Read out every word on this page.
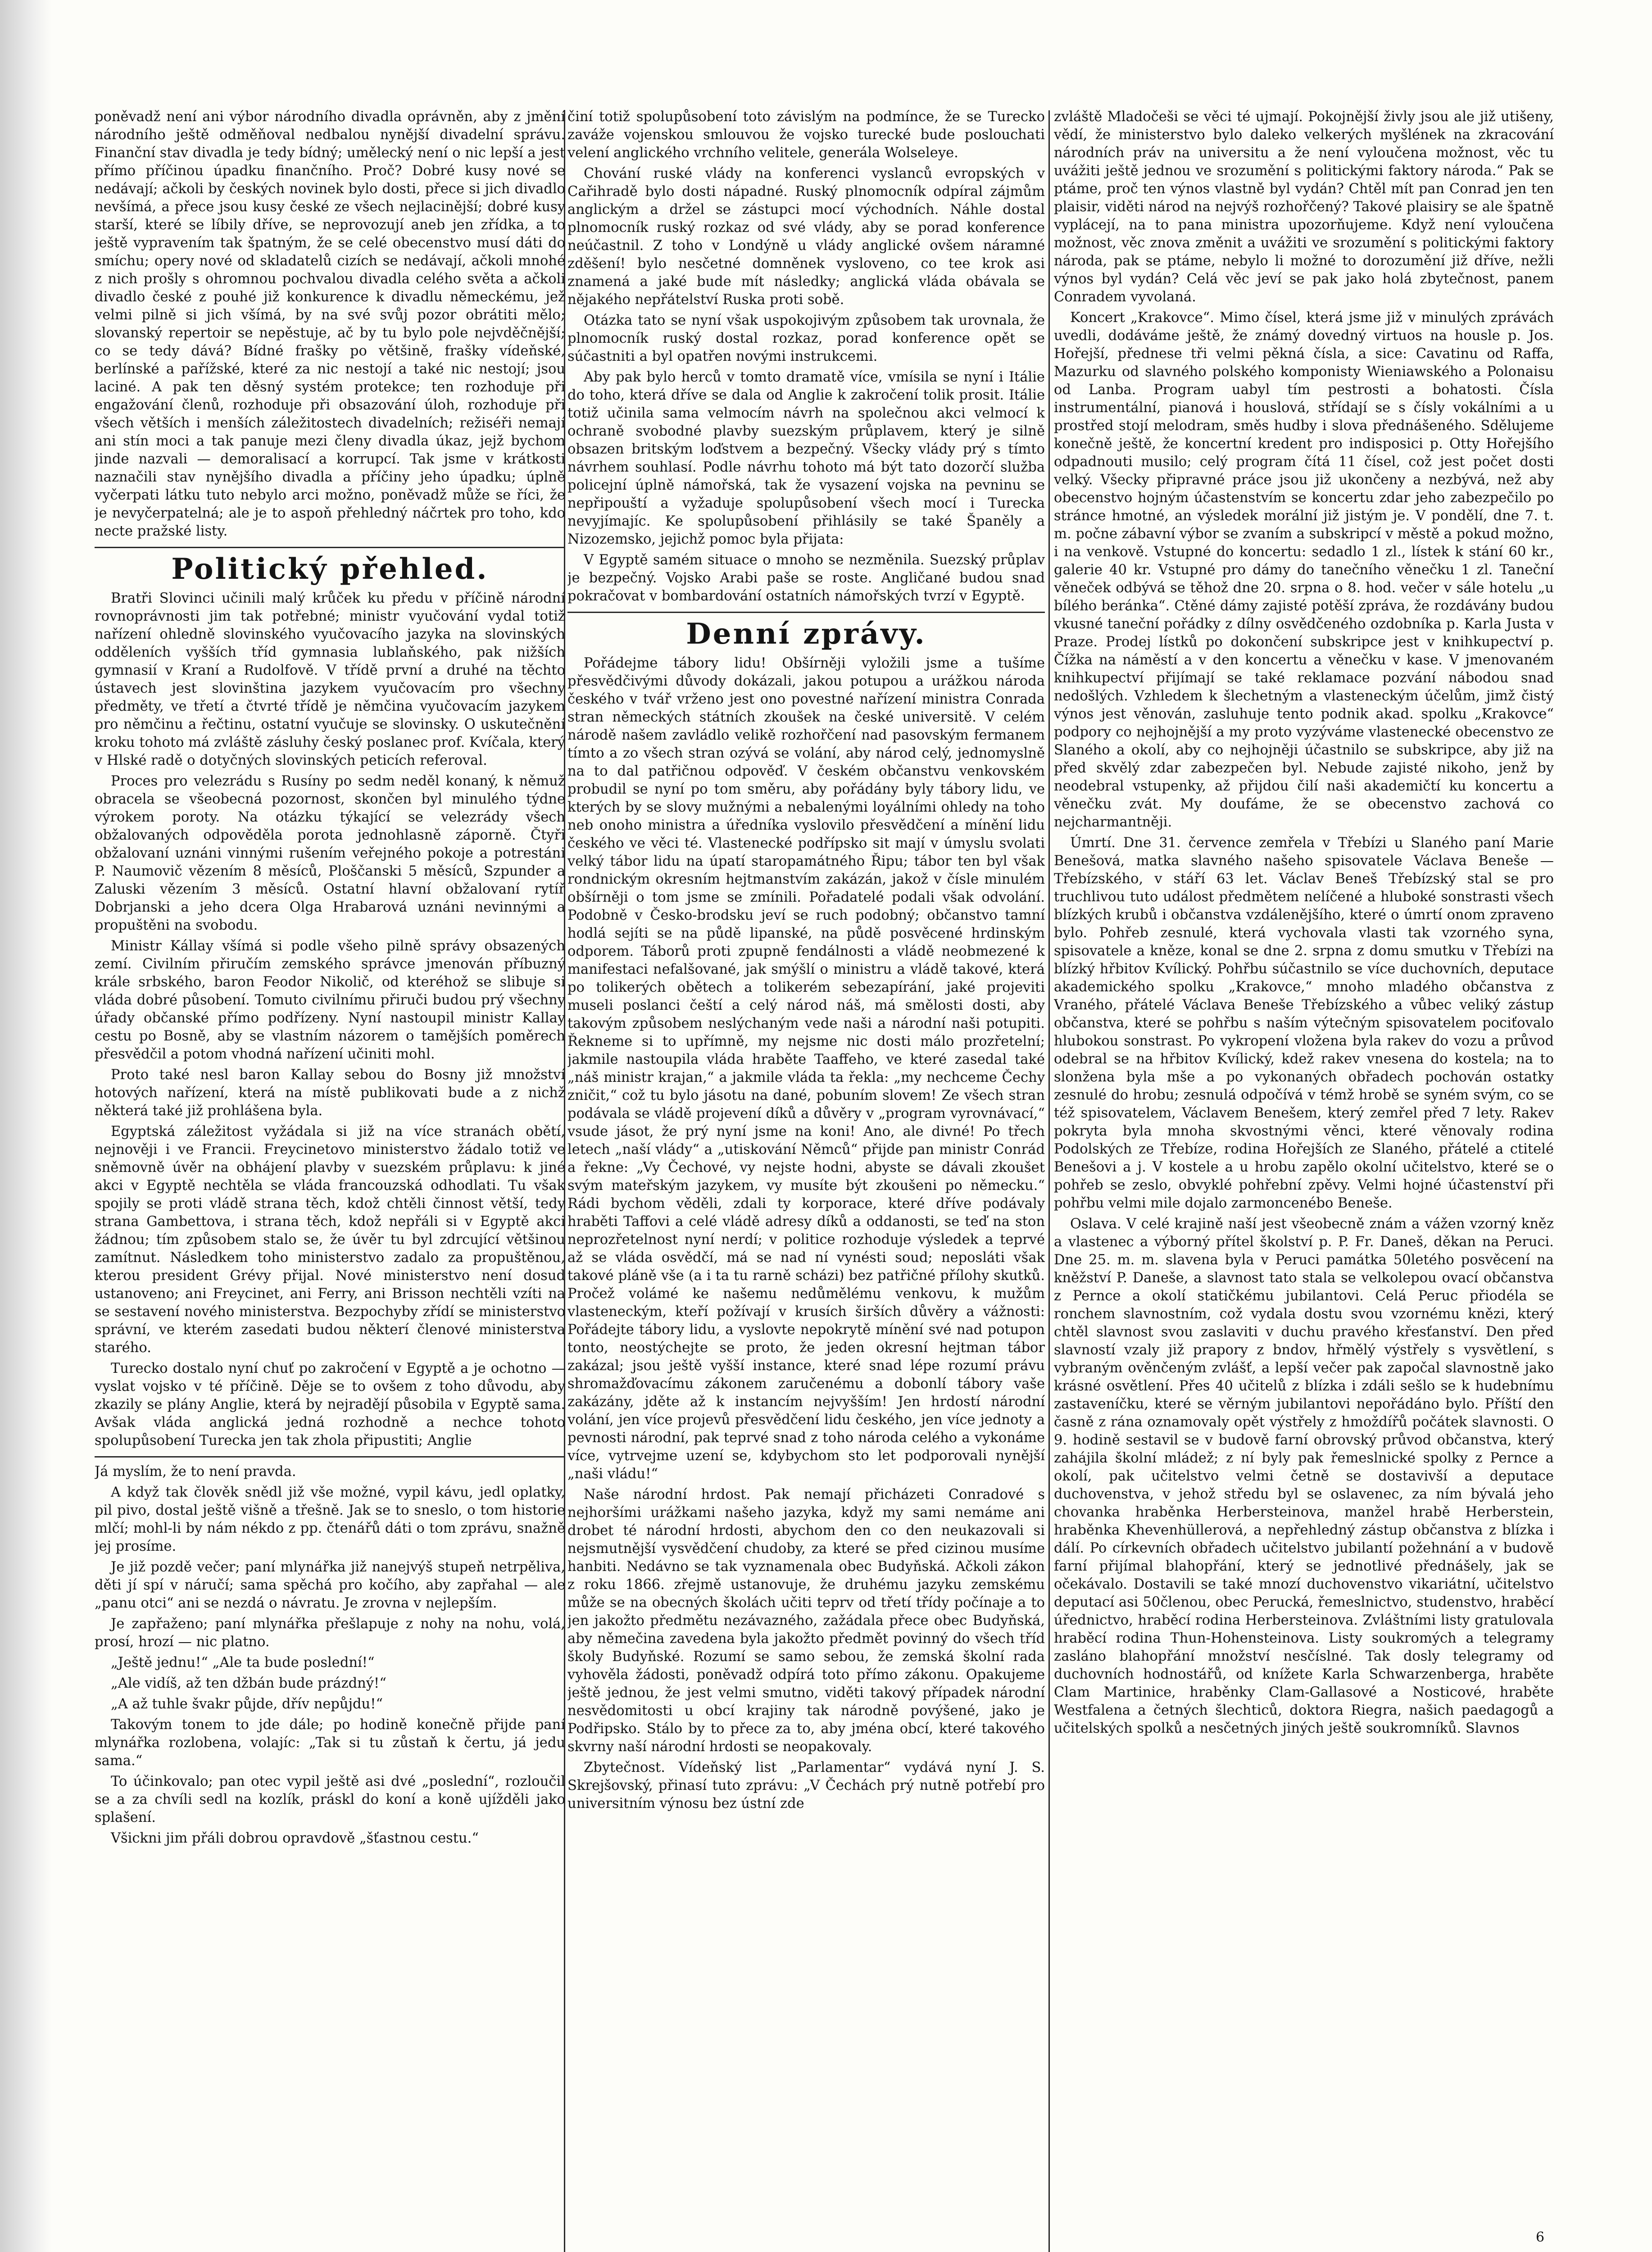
poněvadž není ani výbor národního divadla oprávněn, aby z jmění národního ještě odměňoval nedbalou nynější divadelní správu. Finanční stav divadla je tedy bídný; umělecký není o nic lepší a jest přímo příčinou úpadku finančního. Proč? Dobré kusy nové se nedávají; ačkoli by českých novinek bylo dosti, přece si jich divadlo nevšímá, a přece jsou kusy české ze všech nejlacinější; dobré kusy starší, které se líbily dříve, se neprovozují aneb jen zřídka, a to ještě vypravením tak špatným, že se celé obecenstvo musí dáti do smíchu; opery nové od skladatelů cizích se nedávají, ačkoli mnohé z nich prošly s ohromnou pochvalou divadla celého světa a ačkoli divadlo české z pouhé již konkurence k divadlu německému, jež velmi pilně si jich všímá, by na své svůj pozor obrátiti mělo; slovanský repertoir se nepěstuje, ač by tu bylo pole nejvděčnější; co se tedy dává? Bídné frašky po většině, frašky vídeňské, berlínské a pařížské, které za nic nestojí a také nic nestojí; jsou laciné. A pak ten děsný systém protekce; ten rozhoduje při engažování členů, rozhoduje při obsazování úloh, rozhoduje při všech větších i menších záležitostech divadelních; režiséři nemají ani stín moci a tak panuje mezi členy divadla úkaz, jejž bychom jinde nazvali — demoralisací a korrupcí. Tak jsme v krátkosti naznačili stav nynějšího divadla a příčiny jeho úpadku; úplně vyčerpati látku tuto nebylo arci možno, poněvadž může se říci, že je nevyčerpatelná; ale je to aspoň přehledný náčrtek pro toho, kdo necte pražské listy.

Politický přehled.

Bratři Slovinci učinili malý krůček ku předu v příčině národní rovnoprávnosti jim tak potřebné; ministr vyučování vydal totiž nařízení ohledně slovinského vyučovacího jazyka na slovinských odděleních vyšších tříd gymnasia lublaňského, pak nižších gymnasií v Kraní a Rudolfově. V třídě první a druhé na těchto ústavech jest slovinština jazykem vyučovacím pro všechny předměty, ve třetí a čtvrté třídě je němčina vyučovacím jazykem pro němčinu a řečtinu, ostatní vyučuje se slovinsky. O uskutečnění kroku tohoto má zvláště zásluhy český poslanec prof. Kvíčala, který v Hlské radě o dotyčných slovinských peticích referoval.

Proces pro velezrádu s Rusíny po sedm neděl konaný, k němuž obracela se všeobecná pozornost, skončen byl minulého týdne výrokem poroty. Na otázku týkající se velezrády všech obžalovaných odpověděla porota jednohlasně záporně. Čtyři obžalovaní uznáni vinnými rušením veřejného pokoje a potrestáni P. Naumovič vězením 8 měsíců, Ploščanski 5 měsíců, Szpunder a Zaluski vězením 3 měsíců. Ostatní hlavní obžalovaní rytíř Dobrjanski a jeho dcera Olga Hrabarová uznáni nevinnými a propuštěni na svobodu.

Ministr Kállay všímá si podle všeho pilně správy obsazených zemí. Civilním přiručím zemského správce jmenován příbuzný krále srbského, baron Feodor Nikolič, od kteréhož se slibuje si vláda dobré působení. Tomuto civilnímu přiruči budou prý všechny úřady občanské přímo podřízeny. Nyní nastoupil ministr Kallay cestu po Bosně, aby se vlastním názorem o tamějších poměrech přesvědčil a potom vhodná nařízení učiniti mohl.

Proto také nesl baron Kallay sebou do Bosny již množství hotových nařízení, která na místě publikovati bude a z nichž některá také již prohlášena byla.

Egyptská záležitost vyžádala si již na více stranách obětí, nejnověji i ve Francii. Freycinetovo ministerstvo žádalo totiž ve sněmovně úvěr na obhájení plavby v suezském průplavu: k jiné akci v Egyptě nechtěla se vláda francouzská odhodlati. Tu však spojily se proti vládě strana těch, kdož chtěli činnost větší, tedy strana Gambettova, i strana těch, kdož nepřáli si v Egyptě akci žádnou; tím způsobem stalo se, že úvěr tu byl zdrcující většinou zamítnut. Následkem toho ministerstvo zadalo za propuštěnou, kterou president Grévy přijal. Nové ministerstvo není dosud ustanoveno; ani Freycinet, ani Ferry, ani Brisson nechtěli vzíti na se sestavení nového ministerstva. Bezpochyby zřídí se ministerstvo správní, ve kterém zasedati budou některí členové ministerstva starého.

Turecko dostalo nyní chuť po zakročení v Egyptě a je ochotno — vyslat vojsko v té příčině. Děje se to ovšem z toho důvodu, aby zkazily se plány Anglie, která by nejradějí působila v Egyptě sama. Avšak vláda anglická jedná rozhodně a nechce tohoto spolupůsobení Turecka jen tak zhola připustiti; Anglie

Já myslím, že to není pravda.

A když tak člověk snědl již vše možné, vypil kávu, jedl oplatky, pil pivo, dostal ještě višně a třešně. Jak se to sneslo, o tom historie mlčí; mohl-li by nám nékdo z pp. čtenářů dáti o tom zprávu, snažně jej prosíme.

Je již pozdě večer; paní mlynářka již nanejvýš stupeň netrpěliva, děti jí spí v náručí; sama spěchá pro kočího, aby zapřahal — ale „panu otci“ ani se nezdá o návratu. Je zrovna v nejlepším.

Je zapřaženo; paní mlynářka přešlapuje z nohy na nohu, volá, prosí, hrozí — nic platno.

„Ještě jednu!“ „Ale ta bude poslední!“

„Ale vidíš, až ten džbán bude prázdný!“

„A až tuhle švakr půjde, dřív nepůjdu!“

Takovým tonem to jde dále; po hodině konečně přijde paní mlynářka rozlobena, volajíc: „Tak si tu zůstaň k čertu, já jedu sama.“

To účinkovalo; pan otec vypil ještě asi dvé „poslední“, rozloučil se a za chvíli sedl na kozlík, práskl do koní a koně ujížděli jako splašení.

Všickni jim přáli dobrou opravdově „šťastnou cestu.“

činí totiž spolupůsobení toto závislým na podmínce, že se Turecko zaváže vojenskou smlouvou že vojsko turecké bude poslouchati velení anglického vrchního velitele, generála Wolseleye.

Chování ruské vlády na konferenci vyslanců evropských v Cařihradě bylo dosti nápadné. Ruský plnomocník odpíral zájmům anglickým a držel se zástupci mocí východních. Náhle dostal plnomocník ruský rozkaz od své vlády, aby se porad konference neúčastnil. Z toho v Londýně u vlády anglické ovšem náramné zděšení! bylo nesčetné domněnek vysloveno, co tee krok asi znamená a jaké bude mít následky; anglická vláda obávala se nějakého nepřátelství Ruska proti sobě.

Otázka tato se nyní však uspokojivým způsobem tak urovnala, že plnomocník ruský dostal rozkaz, porad konference opět se súčastniti a byl opatřen novými instrukcemi.

Aby pak bylo herců v tomto dramatě více, vmísila se nyní i Itálie do toho, která dříve se dala od Anglie k zakročení tolik prosit. Itálie totiž učinila sama velmocím návrh na společnou akci velmocí k ochraně svobodné plavby suezským průplavem, který je silně obsazen britským loďstvem a bezpečný. Všecky vlády prý s tímto návrhem souhlasí. Podle návrhu tohoto má být tato dozorčí služba policejní úplně námořská, tak že vysazení vojska na pevninu se nepřipouští a vyžaduje spolupůsobení všech mocí i Turecka nevyjímajíc. Ke spolupůsobení přihlásily se také Španěly a Nizozemsko, jejichž pomoc byla přijata:

V Egyptě samém situace o mnoho se nezměnila. Suezský průplav je bezpečný. Vojsko Arabi paše se roste. Angličané budou snad pokračovat v bombardování ostatních námořských tvrzí v Egyptě.

Denní zprávy.

Pořádejme tábory lidu! Obšírněji vyložili jsme a tušíme přesvědčivými důvody dokázali, jakou potupou a urážkou národa českého v tvář vrženo jest ono povestné nařízení ministra Conrada stran německých státních zkoušek na české universitě. V celém národě našem zavládlo velikě rozhořčení nad pasovským fermanem tímto a zo všech stran ozývá se volání, aby národ celý, jednomyslně na to dal patřičnou odpověď. V českém občanstvu venkovském probudil se nyní po tom směru, aby pořádány byly tábory lidu, ve kterých by se slovy mužnými a nebalenými loyálními ohledy na toho neb onoho ministra a úředníka vyslovilo přesvědčení a mínění lidu českého ve věci té. Vlastenecké podřípsko sit mají v úmyslu svolati velký tábor lidu na úpatí staropamátného Řipu; tábor ten byl však rondnickým okresním hejtmanstvím zakázán, jakož v čísle minulém obšírněji o tom jsme se zmínili. Pořadatelé podali však odvolání. Podobně v Česko-brodsku jeví se ruch podobný; občanstvo tamní hodlá sejíti se na půdě lipanské, na půdě posvěcené hrdinským odporem. Táborů proti zpupně fendálnosti a vládě neobmezené k manifestaci nefalšované, jak smýšlí o ministru a vládě takové, která po tolikerých obětech a tolikerém sebezapírání, jaké projeviti museli poslanci čeští a celý národ náš, má smělosti dosti, aby takovým způsobem neslýchaným vede naši a národní naši potupiti. Řekneme si to upřímně, my nejsme nic dosti málo prozřetelní; jakmile nastoupila vláda hraběte Taaffeho, ve které zasedal také „náš ministr krajan,“ a jakmile vláda ta řekla: „my nechceme Čechy zničit,“ což tu bylo jásotu na dané, pobuním slovem! Ze všech stran podávala se vládě projevení díků a důvěry v „program vyrovnávací,“ vsude jásot, že prý nyní jsme na koni! Ano, ale divné! Po třech letech „naší vlády“ a „utiskování Němců“ přijde pan ministr Conrád a řekne: „Vy Čechové, vy nejste hodni, abyste se dávali zkoušet svým mateřským jazykem, vy musíte být zkoušeni po německu.“ Rádi bychom věděli, zdali ty korporace, které dříve podávaly hraběti Taffovi a celé vládě adresy díků a oddanosti, se teď na ston neprozřetelnost nyní nerdí; v politice rozhoduje výsledek a teprvé až se vláda osvědčí, má se nad ní vynésti soud; neposláti však takové pláně vše (a i ta tu rarně scházi) bez patřičné přílohy skutků. Pročež volámé ke našemu nedůmělému venkovu, k mužům vlasteneckým, kteří požívají v krusích širších důvěry a vážnosti: Pořádejte tábory lidu, a vyslovte nepokrytě mínění své nad potupon tonto, neostýchejte se proto, že jeden okresní hejtman tábor zakázal; jsou ještě vyšší instance, které snad lépe rozumí právu shromažďovacímu zákonem zaručenému a dobonlí tábory vaše zakázány, jděte až k instancím nejvyšším! Jen hrdostí národní volání, jen více projevů přesvědčení lidu českého, jen více jednoty a pevnosti národní, pak teprvé snad z toho národa celého a vykonáme více, vytrvejme uzení se, kdybychom sto let podporovali nynější „naši vládu!“

Naše národní hrdost. Pak nemají přicházeti Conradové s nejhoršími urážkami našeho jazyka, když my sami nemáme ani drobet té národní hrdosti, abychom den co den neukazovali si nejsmutnější vysvědčení chudoby, za které se před cizinou musíme hanbiti. Nedávno se tak vyznamenala obec Budyňská. Ačkoli zákon z roku 1866. zřejmě ustanovuje, že druhému jazyku zemskému může se na obecných školách učiti teprv od třetí třídy počínaje a to jen jakožto předmětu nezávazného, zažádala přece obec Budyňská, aby němečina zavedena byla jakožto předmět povinný do všech tříd školy Budyňské. Rozumí se samo sebou, že zemská školní rada vyhověla žádosti, poněvadž odpírá toto přímo zákonu. Opakujeme ještě jednou, že jest velmi smutno, viděti takový případek národní nesvědomitosti u obcí krajiny tak národně povýšené, jako je Podřipsko. Stálo by to přece za to, aby jména obcí, které takového skvrny naší národní hrdosti se neopakovaly.

Zbytečnost. Vídeňský list „Parlamentar“ vydává nyní J. S. Skrejšovský, přinasí tuto zprávu: „V Čechách prý nutně potřebí pro universitním výnosu bez ústní zde

zvláště Mladočeši se věci té ujmají. Pokojnější živly jsou ale již utišeny, vědí, že ministerstvo bylo daleko velkerých myšlének na zkracování národních práv na universitu a že není vyloučena možnost, věc tu uvážiti ještě jednou ve srozumění s politickými faktory národa.“ Pak se ptáme, proč ten výnos vlastně byl vydán? Chtěl mít pan Conrad jen ten plaisir, viděti národ na nejvýš rozhořčený? Takové plaisiry se ale špatně vyplácejí, na to pana ministra upozorňujeme. Když není vyloučena možnost, věc znova změnit a uvážiti ve srozumění s politickými faktory národa, pak se ptáme, nebylo li možné to dorozumění již dříve, nežli výnos byl vydán? Celá věc jeví se pak jako holá zbytečnost, panem Conradem vyvolaná.

Koncert „Krakovce“. Mimo čísel, která jsme již v minulých zprávách uvedli, dodáváme ještě, že známý dovedný virtuos na housle p. Jos. Hořejší, přednese tři velmi pěkná čísla, a sice: Cavatinu od Raffa, Mazurku od slavného polského komponisty Wieniawského a Polonaisu od Lanba. Program uabyl tím pestrosti a bohatosti. Čísla instrumentální, pianová i houslová, střídají se s čísly vokálními a u prostřed stojí melodram, směs hudby i slova přednášeného. Sdělujeme konečně ještě, že koncertní kredent pro indisposici p. Otty Hořejšího odpadnouti musilo; celý program čítá 11 čísel, což jest počet dosti velký. Všecky připravné práce jsou již ukončeny a nezbývá, než aby obecenstvo hojným účastenstvím se koncertu zdar jeho zabezpečilo po stránce hmotné, an výsledek morální již jistým je. V pondělí, dne 7. t. m. počne zábavní výbor se zvaním a subskripcí v městě a pokud možno, i na venkově. Vstupné do koncertu: sedadlo 1 zl., lístek k stání 60 kr., galerie 40 kr. Vstupné pro dámy do tanečního věnečku 1 zl. Taneční věneček odbývá se těhož dne 20. srpna o 8. hod. večer v sále hotelu „u bílého beránka“. Ctěné dámy zajisté potěší zpráva, že rozdávány budou vkusné taneční pořádky z dílny osvědčeného ozdobníka p. Karla Justa v Praze. Prodej lístků po dokončení subskripce jest v knihkupectví p. Čížka na náměstí a v den koncertu a věnečku v kase. V jmenovaném knihkupectví přijímají se také reklamace pozvání nábodou snad nedošlých. Vzhledem k šlechetným a vlasteneckým účelům, jimž čistý výnos jest věnován, zasluhuje tento podnik akad. spolku „Krakovce“ podpory co nejhojnější a my proto vyzýváme vlastenecké obecenstvo ze Slaného a okolí, aby co nejhojněji účastnilo se subskripce, aby již na před skvělý zdar zabezpečen byl. Nebude zajisté nikoho, jenž by neodebral vstupenky, až přijdou čilí naši akademičtí ku koncertu a věnečku zvát. My doufáme, že se obecenstvo zachová co nejcharmantněji.

Úmrtí. Dne 31. července zemřela v Třebízi u Slaného paní Marie Benešová, matka slavného našeho spisovatele Václava Beneše — Třebízského, v stáří 63 let. Václav Beneš Třebízský stal se pro truchlivou tuto událost předmětem nelíčené a hluboké sonstrasti všech blízkých krubů i občanstva vzdálenějšího, které o úmrtí onom zpraveno bylo. Pohřeb zesnulé, která vychovala vlasti tak vzorného syna, spisovatele a kněze, konal se dne 2. srpna z domu smutku v Třebízi na blízký hřbitov Kvílický. Pohřbu súčastnilo se více duchovních, deputace akademického spolku „Krakovce,“ mnoho mladého občanstva z Vraného, přátelé Václava Beneše Třebízského a vůbec veliký zástup občanstva, které se pohřbu s naším výtečným spisovatelem pociťovalo hlubokou sonstrast. Po vykropení vložena byla rakev do vozu a průvod odebral se na hřbitov Kvílický, kdež rakev vnesena do kostela; na to slonžena byla mše a po vykonaných obřadech pochován ostatky zesnulé do hrobu; zesnulá odpočívá v témž hrobě se syném svým, co se též spisovatelem, Václavem Benešem, který zemřel před 7 lety. Rakev pokryta byla mnoha skvostnými věnci, které věnovaly rodina Podolských ze Třebíze, rodina Hořejších ze Slaného, přátelé a ctitelé Benešovi a j. V kostele a u hrobu zapělo okolní učitelstvo, které se o pohřeb se zeslo, obvyklé pohřební zpěvy. Velmi hojné účastenství při pohřbu velmi mile dojalo zarmoncenébo Beneše.

Oslava. V celé krajině naší jest všeobecně znám a vážen vzorný kněz a vlastenec a výborný přítel školství p. P. Fr. Daneš, děkan na Peruci. Dne 25. m. m. slavena byla v Peruci památka 50letého posvěcení na kněžství P. Daneše, a slavnost tato stala se velkolepou ovací občanstva z Pernce a okolí statičkému jubilantovi. Celá Peruc přiodéla se ronchem slavnostním, což vydala dostu svou vzornému knězi, který chtěl slavnost svou zaslaviti v duchu pravého křesťanství. Den před slavností vzaly již prapory z bndov, hřmělý výstřely s vysvětlení, s vybraným ověnčeným zvlášť, a lepší večer pak započal slavnostně jako krásné osvětlení. Přes 40 učitelů z blízka i zdáli sešlo se k hudebnímu zastaveníčku, které se věrným jubilantovi nepořádáno bylo. Příští den časně z rána oznamovaly opět výstřely z hmoždířů počátek slavnosti. O 9. hodině sestavil se v budově farní obrovský průvod občanstva, který zahájila školní mládež; z ní byly pak řemeslnické spolky z Pernce a okolí, pak učitelstvo velmi četně se dostavivší a deputace duchovenstva, v jehož středu byl se oslavenec, za ním bývalá jeho chovanka hraběnka Herbersteinova, manžel hrabě Herberstein, hraběnka Khevenhüllerová, a nepřehledný zástup občanstva z blízka i dálí. Po církevních obřadech učitelstvo jubilantí požehnání a v budově farní přijímal blahopřání, který se jednotlivé přednášely, jak se očekávalo. Dostavili se také mnozí duchovenstvo vikariátní, učitelstvo deputací asi 50členou, obec Perucká, řemeslnictvo, studenstvo, hraběcí úřednictvo, hraběcí rodina Herbersteinova. Zvláštními listy gratulovala hraběcí rodina Thun-Hohensteinova. Listy soukromých a telegramy zasláno blahopřání množství nesčíslné. Tak dosly telegramy od duchovních hodnostářů, od knížete Karla Schwarzenberga, hraběte Clam Martinice, hraběnky Clam-Gallasové a Nosticové, hraběte Westfalena a četných šlechticů, doktora Riegra, našich paedagogů a učitelských spolků a nesčetných jiných ještě soukromníků. Slavnos

6
